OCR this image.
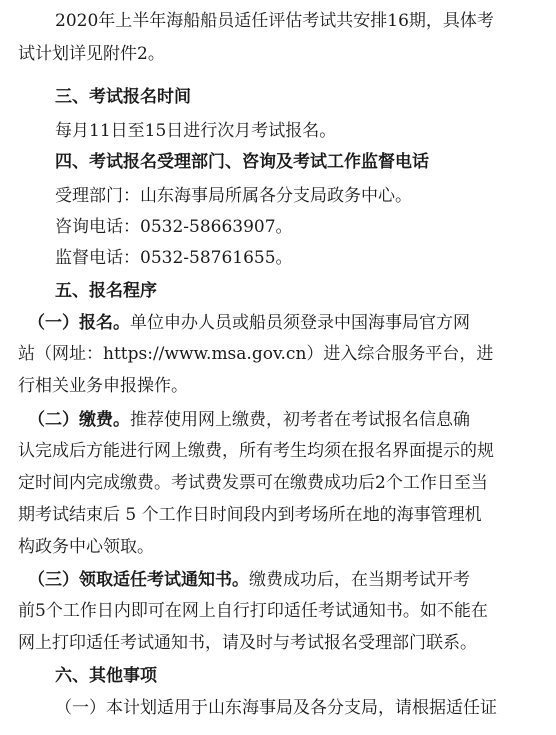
2020年上半年海船船员适任评估考试共安排16期，具体考
试计划详见附件2。
三、考试报名时间
每月11日至15日进行次月考试报名。
四、考试报名受理部门、咨询及考试工作监督电话
受理部门：山东海事局所属各分支局政务中心。
咨询电话：0532-58663907。
监督电话：0532-58761655。
五、报名程序
（一）报名。单位申办人员或船员须登录中国海事局官方网
站（网址：https://www.msa.gov.cn）进入综合服务平台，进
行相关业务申报操作。
（二）缴费。推荐使用网上缴费，初考者在考试报名信息确
认完成后方能进行网上缴费，所有考生均须在报名界面提示的规
定时间内完成缴费。考试费发票可在缴费成功后2个工作日至当
期考试结束后 5 个工作日时间段内到考场所在地的海事管理机
构政务中心领取。
（三）领取适任考试通知书。缴费成功后，在当期考试开考
前5个工作日内即可在网上自行打印适任考试通知书。如不能在
网上打印适任考试通知书，请及时与考试报名受理部门联系。
六、其他事项
（一）本计划适用于山东海事局及各分支局，请根据适任证
